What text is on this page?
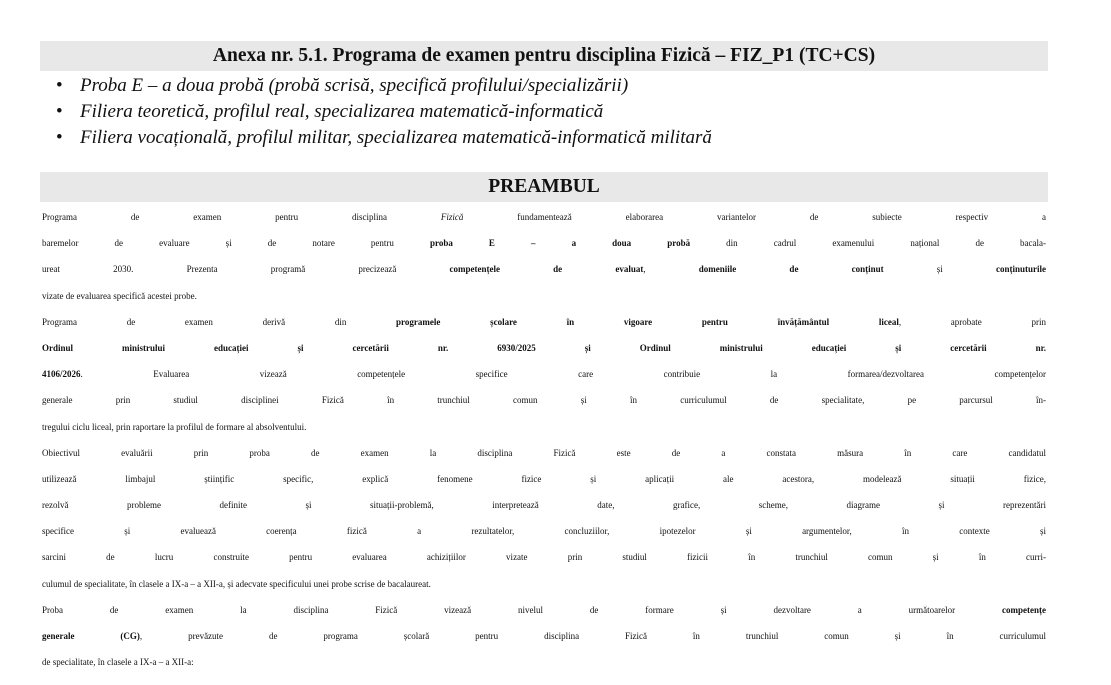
Anexa nr. 5.1. Programa de examen pentru disciplina Fizică – FIZ_P1 (TC+CS)
• Proba E – a doua probă (probă scrisă, specifică profilului/specializării)
• Filiera teoretică, profilul real, specializarea matematică-informatică
• Filiera vocațională, profilul militar, specializarea matematică-informatică militară
PREAMBUL
Programa de examen pentru disciplina Fizică fundamentează elaborarea variantelor de subiecte respectiv a
baremelor de evaluare și de notare pentru proba E – a doua probă din cadrul examenului național de bacala-
ureat 2030. Prezenta programă precizează competențele de evaluat, domeniile de conținut și conținuturile
vizate de evaluarea specifică acestei probe.
Programa de examen derivă din programele școlare în vigoare pentru învățământul liceal, aprobate prin
Ordinul ministrului educației și cercetării nr. 6930/2025 și Ordinul ministrului educației și cercetării nr.
4106/2026. Evaluarea vizează competențele specifice care contribuie la formarea/dezvoltarea competențelor
generale prin studiul disciplinei Fizică în trunchiul comun și în curriculumul de specialitate, pe parcursul în-
tregului ciclu liceal, prin raportare la profilul de formare al absolventului.
Obiectivul evaluării prin proba de examen la disciplina Fizică este de a constata măsura în care candidatul
utilizează limbajul științific specific, explică fenomene fizice și aplicații ale acestora, modelează situații fizice,
rezolvă probleme definite și situații-problemă, interpretează date, grafice, scheme, diagrame și reprezentări
specifice și evaluează coerența fizică a rezultatelor, concluziilor, ipotezelor și argumentelor, în contexte și
sarcini de lucru construite pentru evaluarea achizițiilor vizate prin studiul fizicii în trunchiul comun și în curri-
culumul de specialitate, în clasele a IX-a – a XII-a, și adecvate specificului unei probe scrise de bacalaureat.
Proba de examen la disciplina Fizică vizează nivelul de formare și dezvoltare a următoarelor competențe
generale (CG), prevăzute de programa școlară pentru disciplina Fizică în trunchiul comun și în curriculumul
de specialitate, în clasele a IX-a – a XII-a:
